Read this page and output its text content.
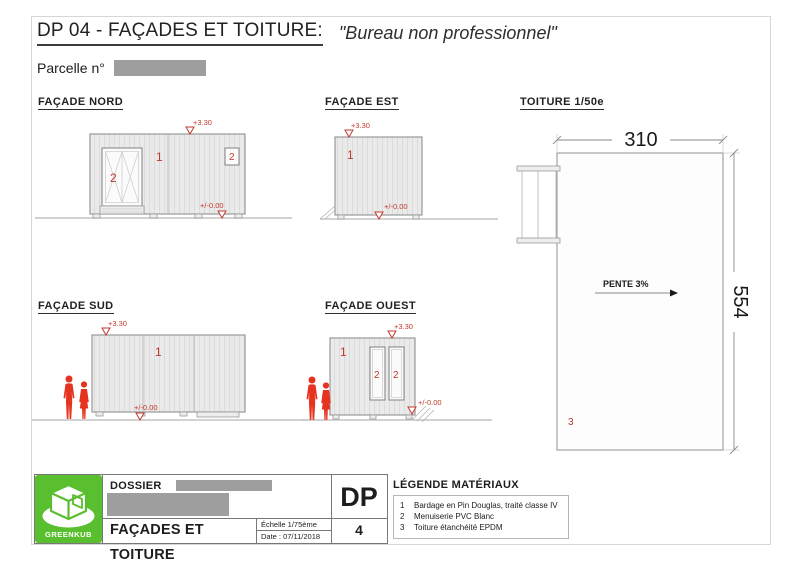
DP 04 - FAÇADES ET TOITURE: "Bureau non professionnel"
Parcelle n°
FAÇADE NORD	FAÇADE EST	TOITURE 1/50e
FAÇADE SUD	FAÇADE OUEST
2
1	2
+3.30
+/-0.00
1
+3.30
+/-0.00
1
+3.30
+/-0.00
1
2 2
+3.30
+/-0.00
310
554
PENTE 3%
3
GREENKUB
DOSSIER
FAÇADES ET TOITURE
Échelle 1/75ème
Date : 07/11/2018
DP
4
LÉGENDE MATÉRIAUX
1	Bardage en Pin Douglas, traité classe IV
2	Menuiserie PVC Blanc
3	Toiture étanchéité EPDM
